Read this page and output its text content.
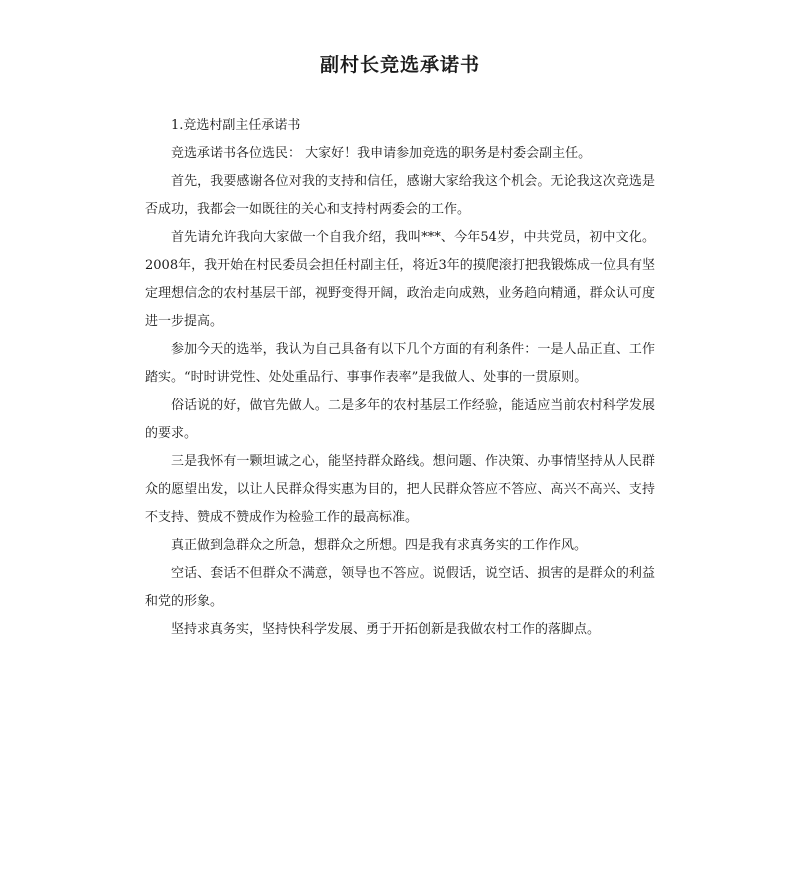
副村长竞选承诺书

1.竞选村副主任承诺书

竞选承诺书各位选民： 大家好！我申请参加竞选的职务是村委会副主任。

首先，我要感谢各位对我的支持和信任，感谢大家给我这个机会。无论我这次竞选是否成功，我都会一如既往的关心和支持村两委会的工作。

首先请允许我向大家做一个自我介绍，我叫***、今年54岁，中共党员，初中文化。2008年，我开始在村民委员会担任村副主任，将近3年的摸爬滚打把我锻炼成一位具有坚定理想信念的农村基层干部，视野变得开阔，政治走向成熟，业务趋向精通，群众认可度进一步提高。

参加今天的选举，我认为自己具备有以下几个方面的有利条件：一是人品正直、工作踏实。“时时讲党性、处处重品行、事事作表率”是我做人、处事的一贯原则。

俗话说的好，做官先做人。二是多年的农村基层工作经验，能适应当前农村科学发展的要求。

三是我怀有一颗坦诚之心，能坚持群众路线。想问题、作决策、办事情坚持从人民群众的愿望出发，以让人民群众得实惠为目的，把人民群众答应不答应、高兴不高兴、支持不支持、赞成不赞成作为检验工作的最高标准。

真正做到急群众之所急，想群众之所想。四是我有求真务实的工作作风。

空话、套话不但群众不满意，领导也不答应。说假话，说空话、损害的是群众的利益和党的形象。

坚持求真务实，坚持快科学发展、勇于开拓创新是我做农村工作的落脚点。
